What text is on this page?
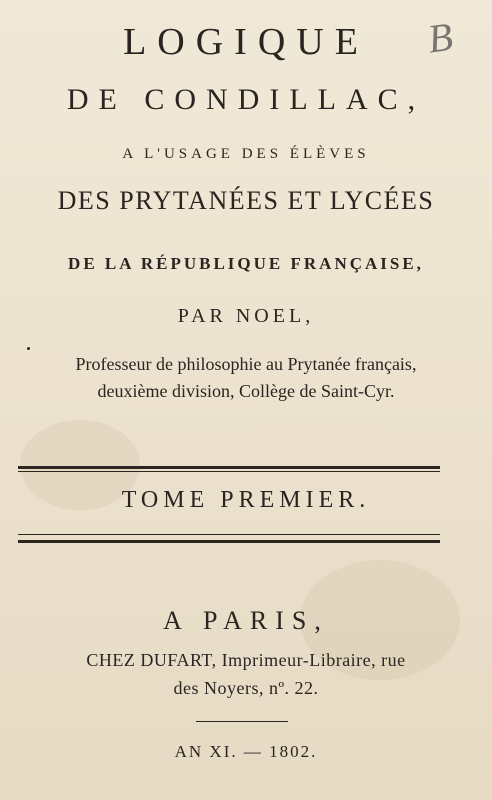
B
LOGIQUE
DE CONDILLAC,
A L'USAGE DES ÉLÈVES
DES PRYTANÉES ET LYCÉES
DE LA RÉPUBLIQUE FRANÇAISE,
PAR NOEL,
Professeur de philosophie au Prytanée français,
deuxième division, Collège de Saint-Cyr.
TOME PREMIER.
A PARIS,
CHEZ DUFART, Imprimeur-Libraire, rue
des Noyers, nº. 22.
AN XI. — 1802.
